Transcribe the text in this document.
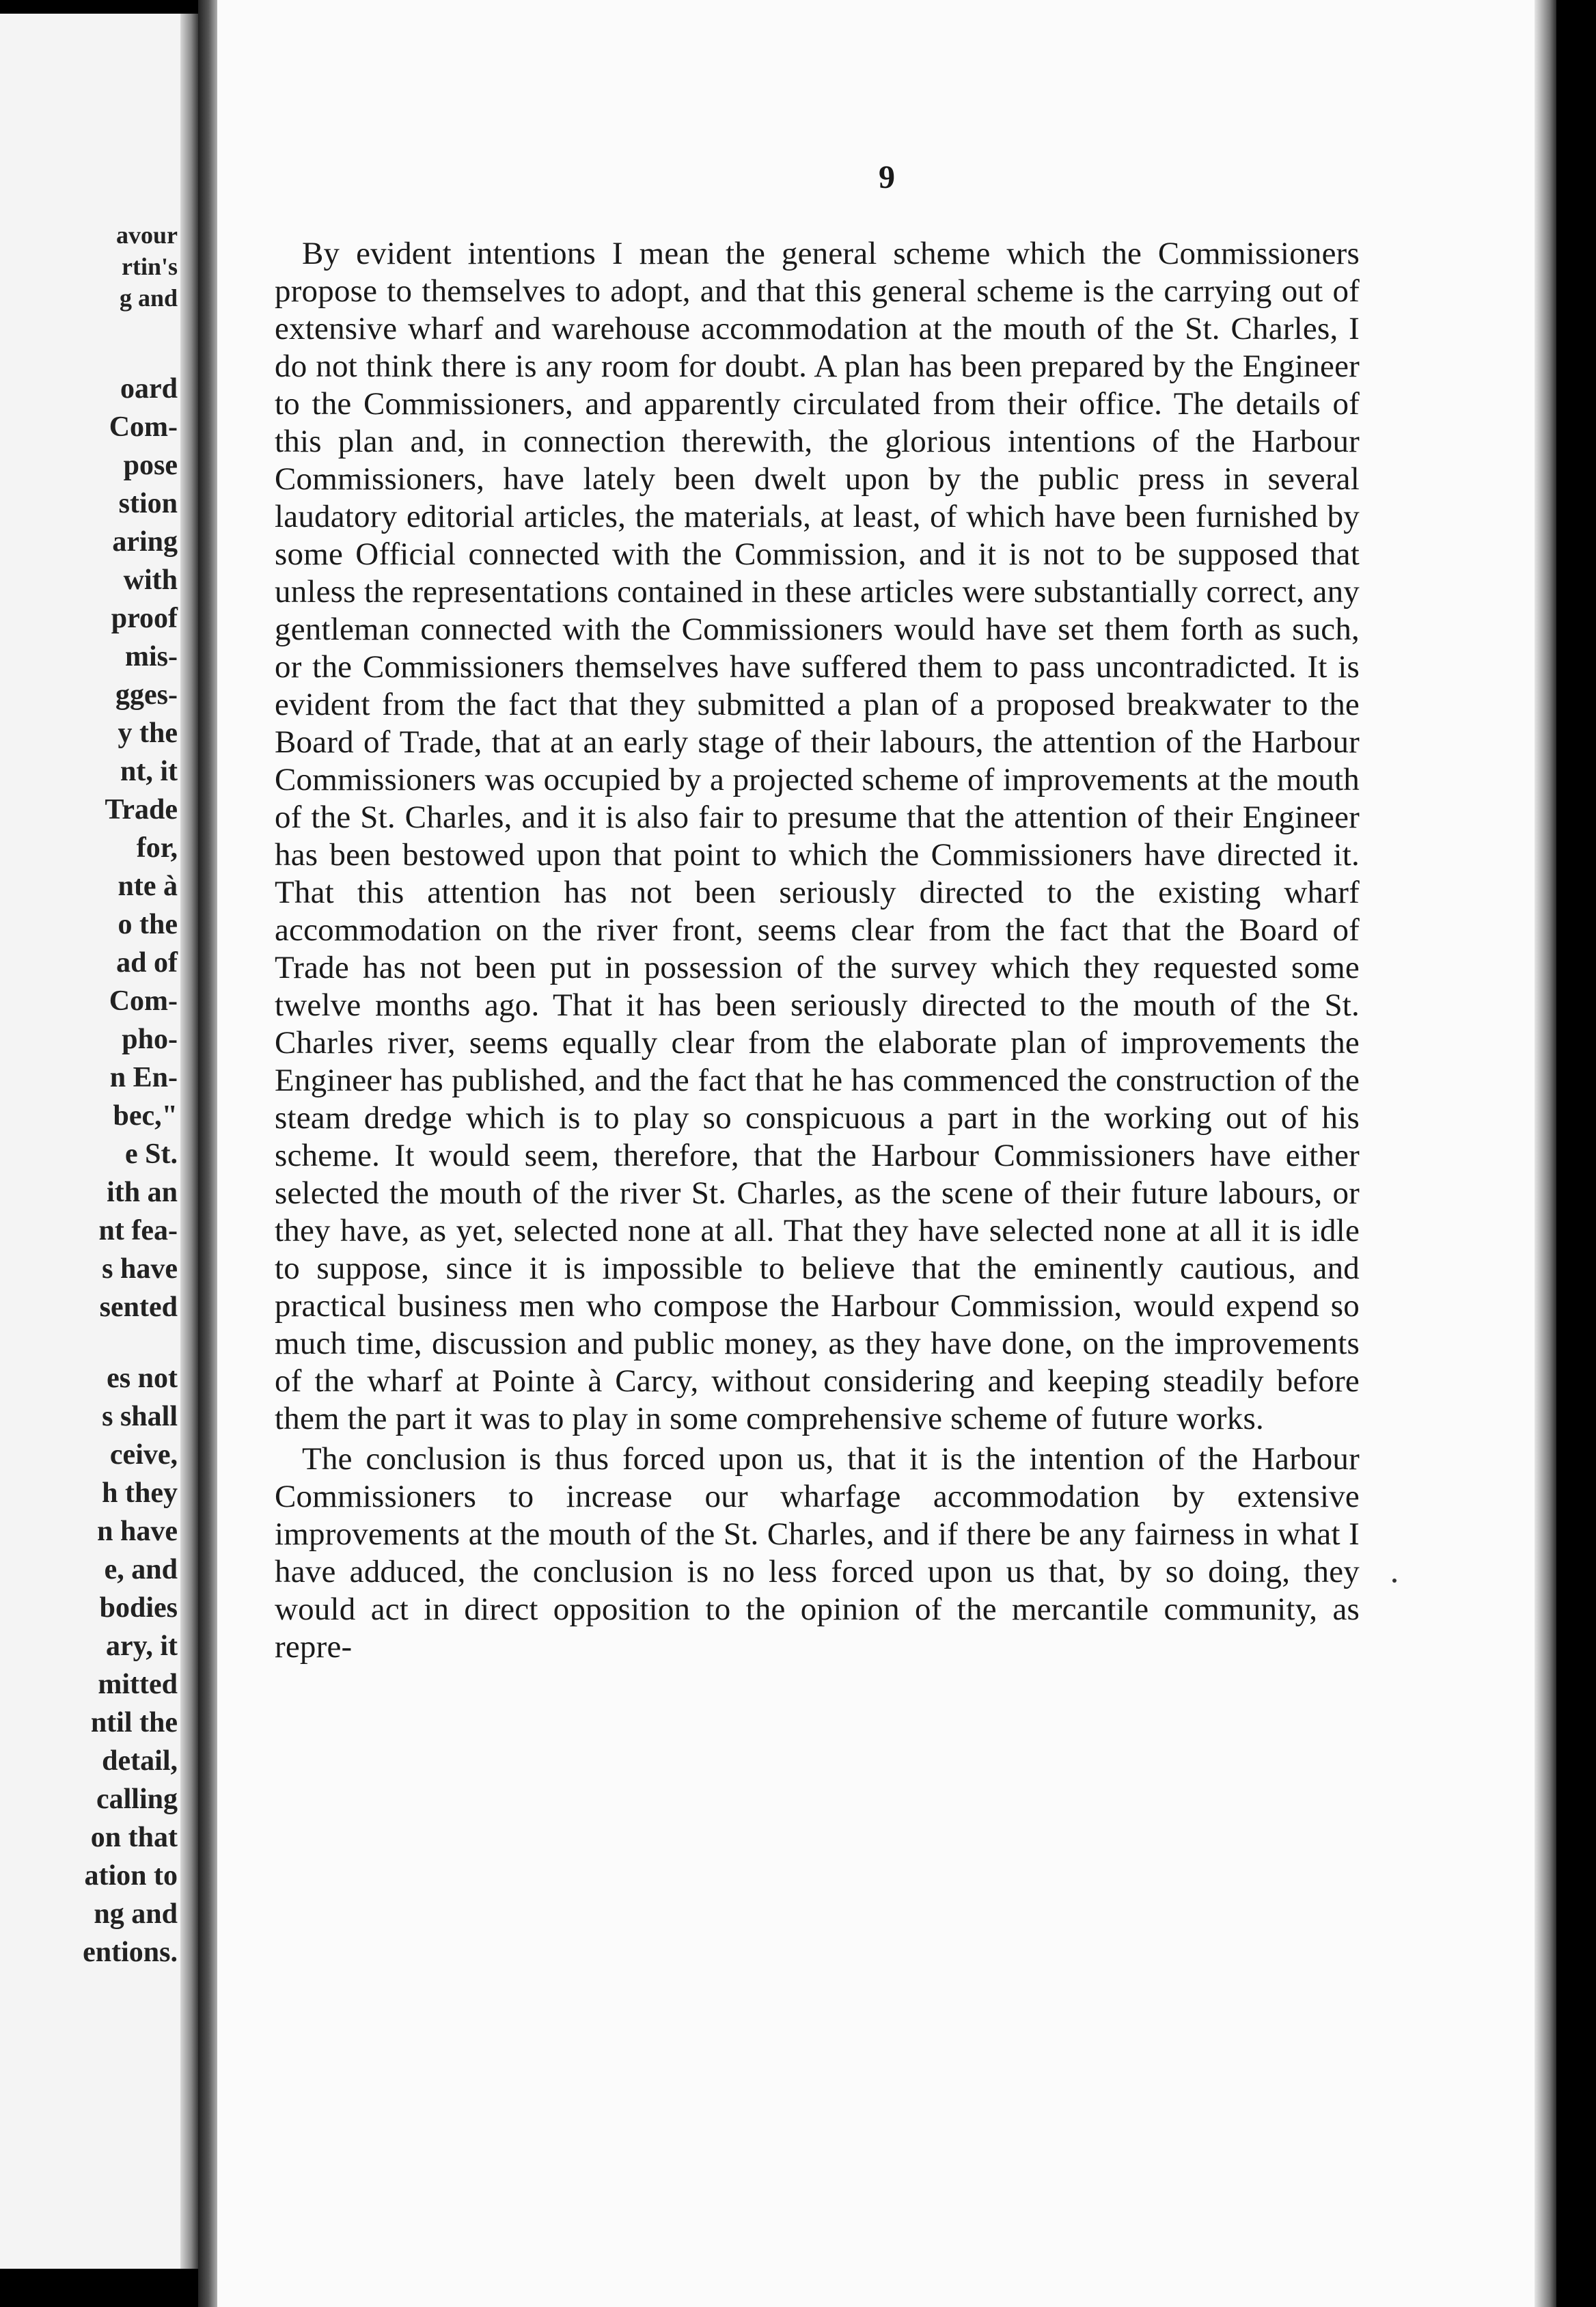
avour
rtin's
g and
oard
Com-
pose
stion
aring
with
proof
mis-
gges-
y the
nt, it
Trade
for,
nte à
o the
ad of
Com-
pho-
n En-
bec,"
e St.
ith an
nt fea-
s have
sented
es not
s shall
ceive,
h they
n have
e, and
bodies
ary, it
mitted
ntil the
detail,
calling
on that
ation to
ng and
entions.
9

By evident intentions I mean the general scheme which the Commissioners propose to themselves to adopt, and that this general scheme is the carrying out of extensive wharf and warehouse accommodation at the mouth of the St. Charles, I do not think there is any room for doubt. A plan has been prepared by the Engineer to the Commissioners, and apparently circulated from their office. The details of this plan and, in connection therewith, the glorious intentions of the Harbour Commissioners, have lately been dwelt upon by the public press in several laudatory editorial articles, the materials, at least, of which have been furnished by some Official connected with the Commission, and it is not to be supposed that unless the representations contained in these articles were substantially correct, any gentleman connected with the Commissioners would have set them forth as such, or the Commissioners themselves have suffered them to pass uncontradicted. It is evident from the fact that they submitted a plan of a proposed breakwater to the Board of Trade, that at an early stage of their labours, the attention of the Harbour Commissioners was occupied by a projected scheme of improvements at the mouth of the St. Charles, and it is also fair to presume that the attention of their Engineer has been bestowed upon that point to which the Commissioners have directed it. That this attention has not been seriously directed to the existing wharf accommodation on the river front, seems clear from the fact that the Board of Trade has not been put in possession of the survey which they requested some twelve months ago. That it has been seriously directed to the mouth of the St. Charles river, seems equally clear from the elaborate plan of improvements the Engineer has published, and the fact that he has commenced the construction of the steam dredge which is to play so conspicuous a part in the working out of his scheme. It would seem, therefore, that the Harbour Commissioners have either selected the mouth of the river St. Charles, as the scene of their future labours, or they have, as yet, selected none at all. That they have selected none at all it is idle to suppose, since it is impossible to believe that the eminently cautious, and practical business men who compose the Harbour Commission, would expend so much time, discussion and public money, as they have done, on the improvements of the wharf at Pointe à Carcy, without considering and keeping steadily before them the part it was to play in some comprehensive scheme of future works.

The conclusion is thus forced upon us, that it is the intention of the Harbour Commissioners to increase our wharfage accommodation by extensive improvements at the mouth of the St. Charles, and if there be any fairness in what I have adduced, the conclusion is no less forced upon us that, by so doing, they would act in direct opposition to the opinion of the mercantile community, as repre-
